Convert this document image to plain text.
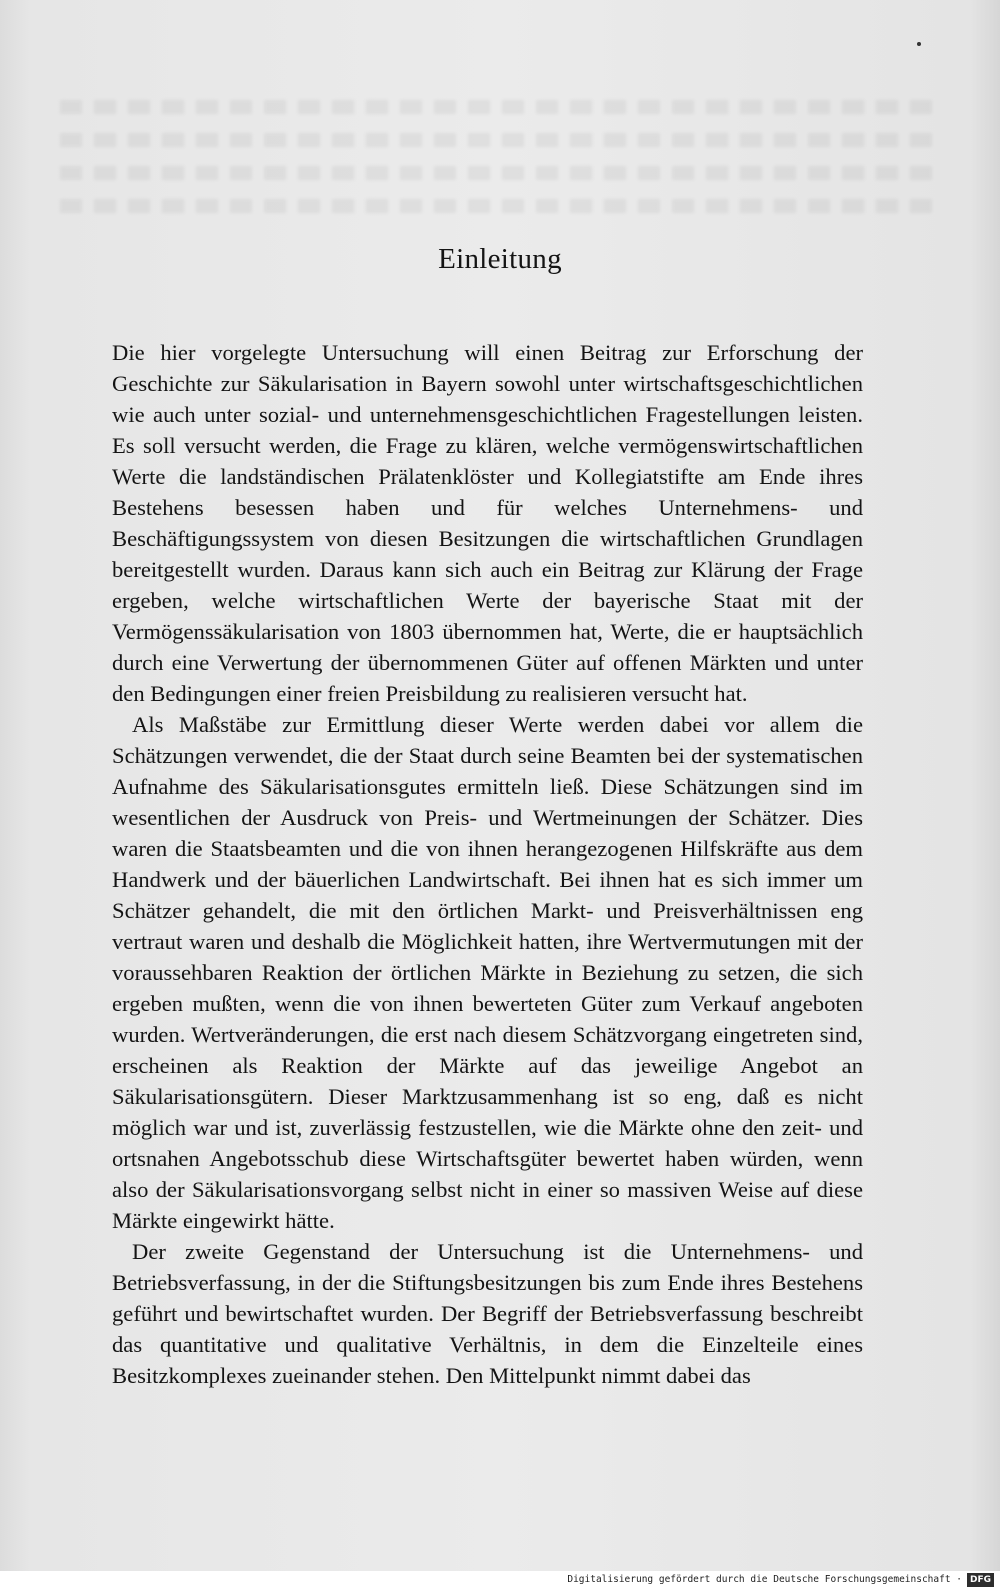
Einleitung

Die hier vorgelegte Untersuchung will einen Beitrag zur Erforschung der Geschichte zur Säkularisation in Bayern sowohl unter wirtschaftsgeschichtlichen wie auch unter sozial- und unternehmensgeschichtlichen Fragestellungen leisten. Es soll versucht werden, die Frage zu klären, welche vermögenswirtschaftlichen Werte die landständischen Prälatenklöster und Kollegiatstifte am Ende ihres Bestehens besessen haben und für welches Unternehmens- und Beschäftigungssystem von diesen Besitzungen die wirtschaftlichen Grundlagen bereitgestellt wurden. Daraus kann sich auch ein Beitrag zur Klärung der Frage ergeben, welche wirtschaftlichen Werte der bayerische Staat mit der Vermögenssäkularisation von 1803 übernommen hat, Werte, die er hauptsächlich durch eine Verwertung der übernommenen Güter auf offenen Märkten und unter den Bedingungen einer freien Preisbildung zu realisieren versucht hat.

Als Maßstäbe zur Ermittlung dieser Werte werden dabei vor allem die Schätzungen verwendet, die der Staat durch seine Beamten bei der systematischen Aufnahme des Säkularisationsgutes ermitteln ließ. Diese Schätzungen sind im wesentlichen der Ausdruck von Preis- und Wertmeinungen der Schätzer. Dies waren die Staatsbeamten und die von ihnen herangezogenen Hilfskräfte aus dem Handwerk und der bäuerlichen Landwirtschaft. Bei ihnen hat es sich immer um Schätzer gehandelt, die mit den örtlichen Markt- und Preisverhältnissen eng vertraut waren und deshalb die Möglichkeit hatten, ihre Wertvermutungen mit der voraussehbaren Reaktion der örtlichen Märkte in Beziehung zu setzen, die sich ergeben mußten, wenn die von ihnen bewerteten Güter zum Verkauf angeboten wurden. Wertveränderungen, die erst nach diesem Schätzvorgang eingetreten sind, erscheinen als Reaktion der Märkte auf das jeweilige Angebot an Säkularisationsgütern. Dieser Marktzusammenhang ist so eng, daß es nicht möglich war und ist, zuverlässig festzustellen, wie die Märkte ohne den zeit- und ortsnahen Angebotsschub diese Wirtschaftsgüter bewertet haben würden, wenn also der Säkularisationsvorgang selbst nicht in einer so massiven Weise auf diese Märkte eingewirkt hätte.

Der zweite Gegenstand der Untersuchung ist die Unternehmens- und Betriebsverfassung, in der die Stiftungsbesitzungen bis zum Ende ihres Bestehens geführt und bewirtschaftet wurden. Der Begriff der Betriebsverfassung beschreibt das quantitative und qualitative Verhältnis, in dem die Einzelteile eines Besitzkomplexes zueinander stehen. Den Mittelpunkt nimmt dabei das

Digitalisierung gefördert durch die Deutsche Forschungsgemeinschaft · DFG
